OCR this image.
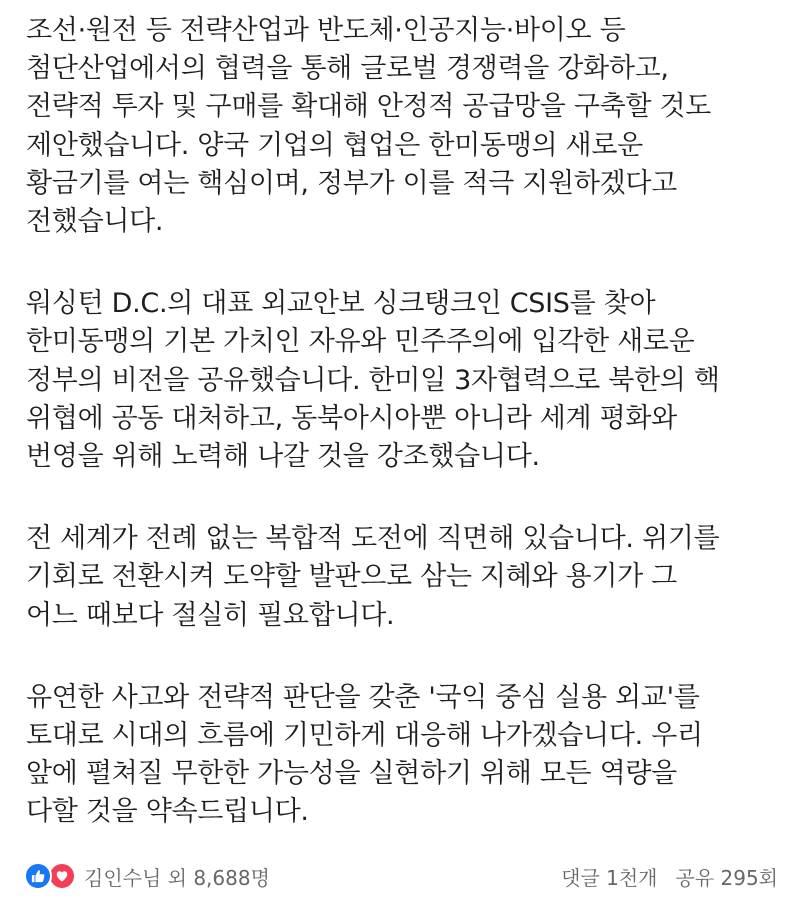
조선·원전 등 전략산업과 반도체·인공지능·바이오 등
첨단산업에서의 협력을 통해 글로벌 경쟁력을 강화하고,
전략적 투자 및 구매를 확대해 안정적 공급망을 구축할 것도
제안했습니다. 양국 기업의 협업은 한미동맹의 새로운
황금기를 여는 핵심이며, 정부가 이를 적극 지원하겠다고
전했습니다.

워싱턴 D.C.의 대표 외교안보 싱크탱크인 CSIS를 찾아
한미동맹의 기본 가치인 자유와 민주주의에 입각한 새로운
정부의 비전을 공유했습니다. 한미일 3자협력으로 북한의 핵
위협에 공동 대처하고, 동북아시아뿐 아니라 세계 평화와
번영을 위해 노력해 나갈 것을 강조했습니다.

전 세계가 전례 없는 복합적 도전에 직면해 있습니다. 위기를
기회로 전환시켜 도약할 발판으로 삼는 지혜와 용기가 그
어느 때보다 절실히 필요합니다.

유연한 사고와 전략적 판단을 갖춘 '국익 중심 실용 외교'를
토대로 시대의 흐름에 기민하게 대응해 나가겠습니다. 우리
앞에 펼쳐질 무한한 가능성을 실현하기 위해 모든 역량을
다할 것을 약속드립니다.

김인수님 외 8,688명	댓글 1천개 공유 295회
